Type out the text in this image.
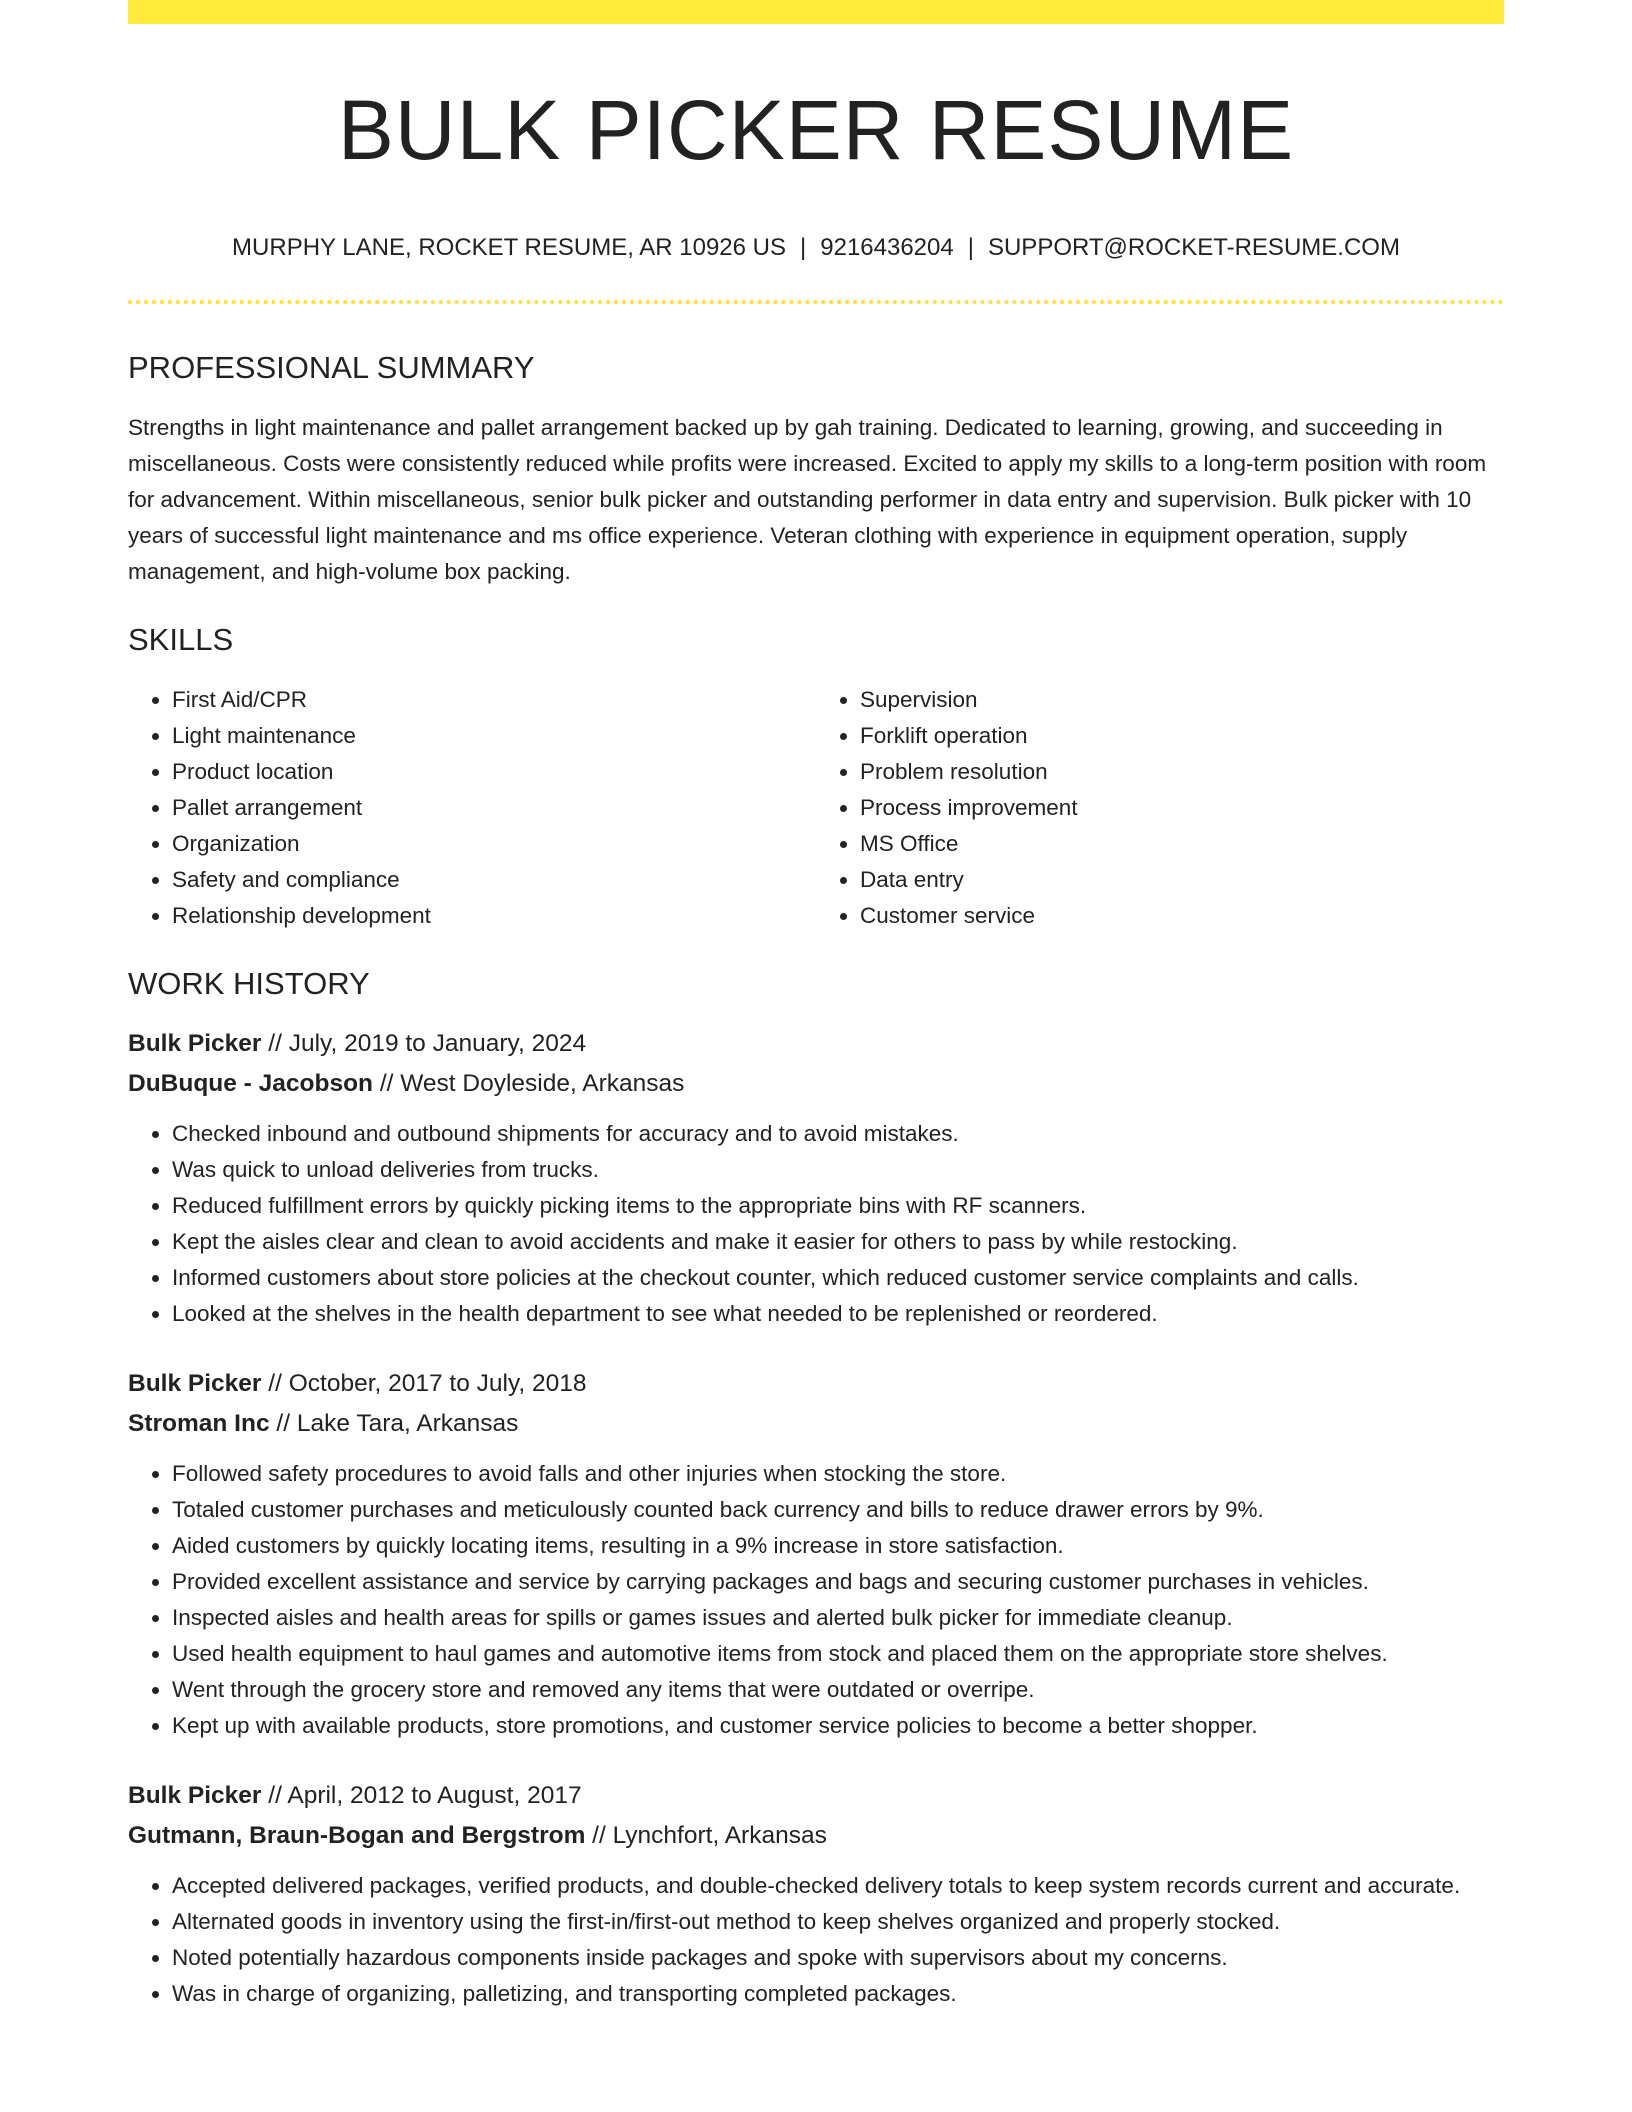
BULK PICKER RESUME
MURPHY LANE, ROCKET RESUME, AR 10926 US | 9216436204 | SUPPORT@ROCKET-RESUME.COM
PROFESSIONAL SUMMARY

Strengths in light maintenance and pallet arrangement backed up by gah training. Dedicated to learning, growing, and succeeding in miscellaneous. Costs were consistently reduced while profits were increased. Excited to apply my skills to a long-term position with room for advancement. Within miscellaneous, senior bulk picker and outstanding performer in data entry and supervision. Bulk picker with 10 years of successful light maintenance and ms office experience. Veteran clothing with experience in equipment operation, supply management, and high-volume box packing.

SKILLS
• First Aid/CPR
• Light maintenance
• Product location
• Pallet arrangement
• Organization
• Safety and compliance
• Relationship development
• Supervision
• Forklift operation
• Problem resolution
• Process improvement
• MS Office
• Data entry
• Customer service
WORK HISTORY

Bulk Picker // July, 2019 to January, 2024

DuBuque - Jacobson // West Doyleside, Arkansas

• Checked inbound and outbound shipments for accuracy and to avoid mistakes.
• Was quick to unload deliveries from trucks.
• Reduced fulfillment errors by quickly picking items to the appropriate bins with RF scanners.
• Kept the aisles clear and clean to avoid accidents and make it easier for others to pass by while restocking.
• Informed customers about store policies at the checkout counter, which reduced customer service complaints and calls.
• Looked at the shelves in the health department to see what needed to be replenished or reordered.

Bulk Picker // October, 2017 to July, 2018

Stroman Inc // Lake Tara, Arkansas

• Followed safety procedures to avoid falls and other injuries when stocking the store.
• Totaled customer purchases and meticulously counted back currency and bills to reduce drawer errors by 9%.
• Aided customers by quickly locating items, resulting in a 9% increase in store satisfaction.
• Provided excellent assistance and service by carrying packages and bags and securing customer purchases in vehicles.
• Inspected aisles and health areas for spills or games issues and alerted bulk picker for immediate cleanup.
• Used health equipment to haul games and automotive items from stock and placed them on the appropriate store shelves.
• Went through the grocery store and removed any items that were outdated or overripe.
• Kept up with available products, store promotions, and customer service policies to become a better shopper.

Bulk Picker // April, 2012 to August, 2017

Gutmann, Braun-Bogan and Bergstrom // Lynchfort, Arkansas

• Accepted delivered packages, verified products, and double-checked delivery totals to keep system records current and accurate.
• Alternated goods in inventory using the first-in/first-out method to keep shelves organized and properly stocked.
• Noted potentially hazardous components inside packages and spoke with supervisors about my concerns.
• Was in charge of organizing, palletizing, and transporting completed packages.
